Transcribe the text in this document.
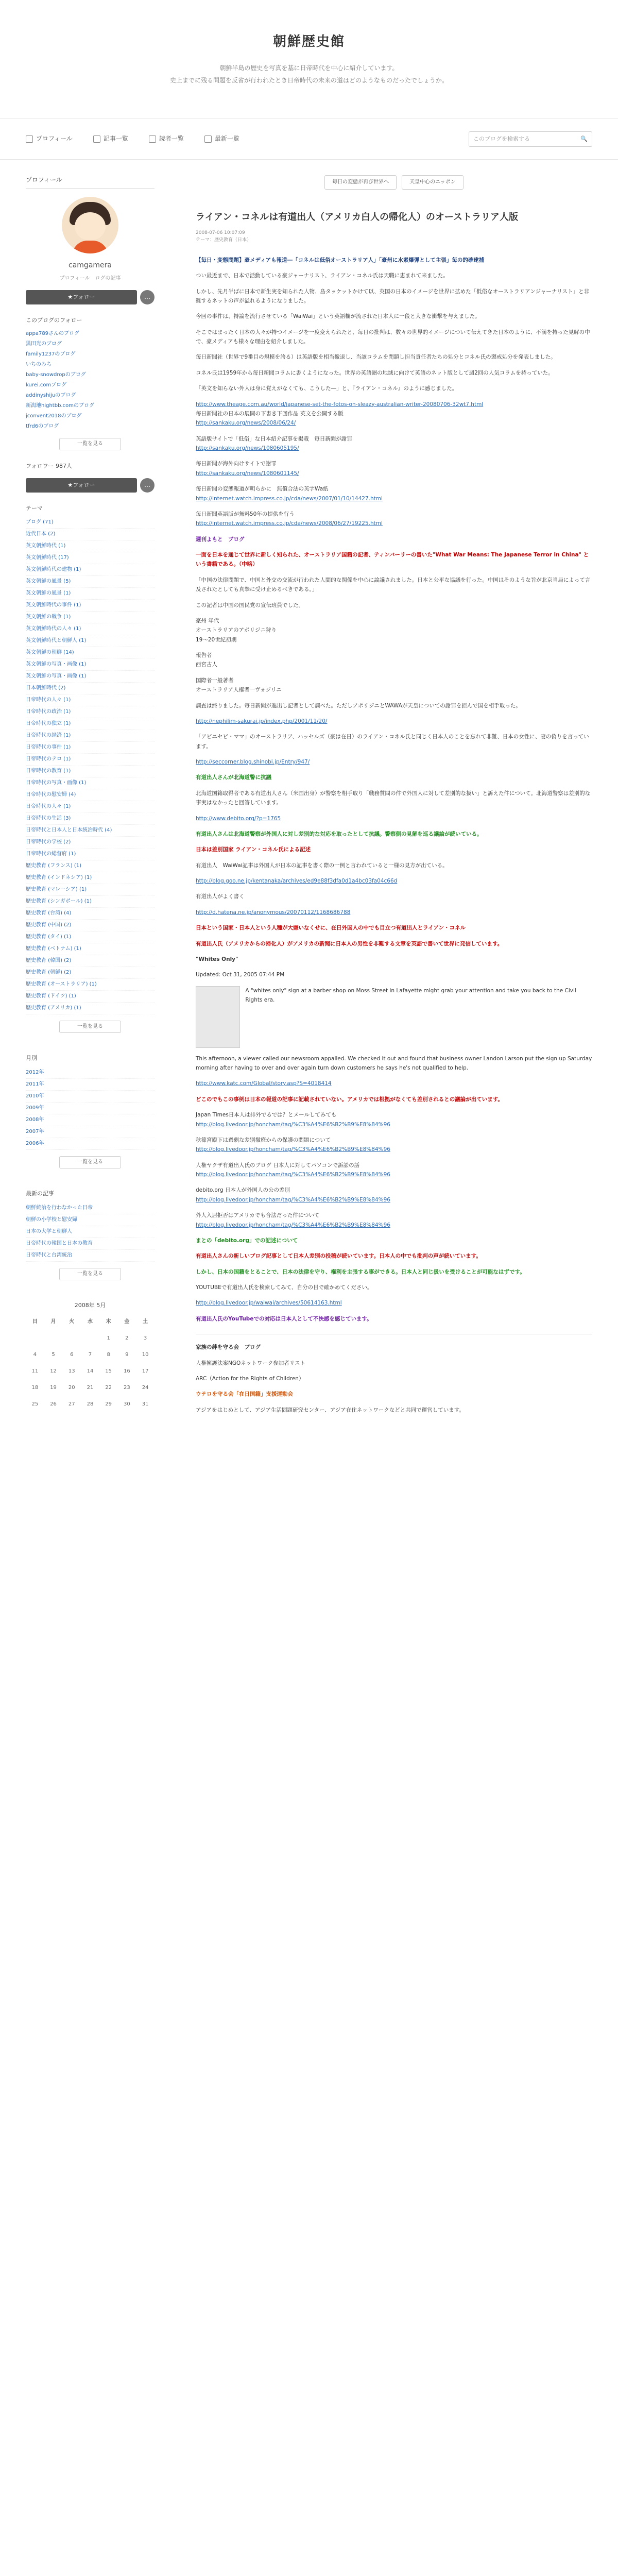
朝鮮歴史館
朝鮮半島の歴史を写真を基に日帝時代を中心に紹介しています。
史上までに残る問題を反省が行われたとき日帝時代の未来の道はどのようなものだったでしょうか。
プロフィール	記事一覧	読者一覧	最新一覧	このブログを検索する	🔍
プロフィール
camgamera
プロフィール　ログの記事
★フォロー	…
このブログのフォロー
appa789さんのブログ
黒田光のブログ
family1237のブログ
いちのみち
baby-snowdropのブログ
kurei.comブログ
addinyshijuのブログ
新潟地hightbb.comのブログ
jconvent2018のブログ
tfrd6のブログ
一覧を見る
フォロワー 987人
★フォロー	…
テーマ
ブログ (71)
近代日本 (2)
英文朝鮮時代 (1)
英文朝鮮時代 (17)
英文朝鮮時代の建物 (1)
英文朝鮮の風景 (5)
英文朝鮮の風景 (1)
英文朝鮮時代の事件 (1)
英文朝鮮の戦争 (1)
英文朝鮮時代の人々 (1)
英文朝鮮時代と朝鮮人 (1)
英文朝鮮の朝鮮 (14)
英文朝鮮の写真・画像 (1)
英文朝鮮の写真・画像 (1)
日本朝鮮時代 (2)
日帝時代の人々 (1)
日帝時代の政治 (1)
日帝時代の独立 (1)
日帝時代の経済 (1)
日帝時代の事件 (1)
日帝時代のテロ (1)
日帝時代の教育 (1)
日帝時代の写真・画像 (1)
日帝時代の慰安婦 (4)
日帝時代の人々 (1)
日帝時代の生活 (3)
日帝時代と日本人と日本統治時代 (4)
日帝時代の学校 (2)
日帝時代の総督府 (1)
歴史教育 (フランス) (1)
歴史教育 (インドネシア) (1)
歴史教育 (マレーシア) (1)
歴史教育 (シンガポール) (1)
歴史教育 (台湾) (4)
歴史教育 (中国) (2)
歴史教育 (タイ) (1)
歴史教育 (ベトナム) (1)
歴史教育 (韓国) (2)
歴史教育 (朝鮮) (2)
歴史教育 (オーストラリア) (1)
歴史教育 (ドイツ) (1)
歴史教育 (アメリカ) (1)
一覧を見る
月別
2012年
2011年
2010年
2009年
2008年
2007年
2006年
一覧を見る
最新の記事
朝鮮統治を行わなかった日帝
朝鮮の小学校と慰安婦
日本の大学と朝鮮人
日帝時代の韓国と日本の教育
日帝時代と台湾統治
一覧を見る
2008年 5月
日	月	火	水	木	金	土
				1	2	3
4	5	6	7	8	9	10
11	12	13	14	15	16	17
18	19	20	21	22	23	24
25	26	27	28	29	30	31
毎日の変態が再び世界へ	天皇中心のニッポン
ライアン・コネルは有道出人（アメリカ白人の帰化人）のオーストラリア人版
2008-07-06 10:07:09
テーマ：歴史教育（日本）

【毎日・変態問題】豪メディアも報道―「コネルは低俗オーストラリア人」「豪州に水素爆弾として主張」毎の的確逮捕

つい最近まで、日本で活動している豪ジャーナリスト、ライアン・コネル氏は天職に恵まれて来ました。

しかし、先月半ばに日本で新生実を知られた人物、島タッケットかけて以、英国の日本のイメージを世界に拡めた「低俗なオーストラリアンジャーナリスト」と非難するネットの声が溢れるようになりました。

今回の事件は、持論を流行させている「WaiWai」という英語欄が流された日本人に一段と大きな衝撃を与えました。

そこではまったく日本の人々が持つイメージを一度変えられたと、毎日の批判は、数々の世界的イメージについて伝えてきた日本のように、不満を持った見解の中で、豪メディアも様々な理由を紹介しました。

毎日新聞社（世界で9番目の規模を誇る）は英語版を相当撤退し、当該コラムを閉鎖し担当責任者たちの処分とコネル氏の懲戒処分を発表しました。

コネル氏は1959年から毎日新聞コラムに書くようになった。世界の英語圏の地域に向けて英語のネット版として週2回の人気コラムを持っていた。

「英文を知らない外人は身に覚えがなくても、こうした―」と、『ライアン・コネル』のように感じました。

http://www.theage.com.au/world/japanese-set-the-fotos-on-sleazy-australian-writer-20080706-32wt7.html
毎日新聞社の日本の展開の下書き下回作品 英文を公開する版
http://sankaku.org/news/2008/06/24/

英語版サイトで「低俗」な日本紹介記事を掲載　毎日新聞が謝罪
http://sankaku.org/news/1080605195/

毎日新聞が海外向けサイトで謝罪
http://sankaku.org/news/1080601145/

毎日新聞の変態報道が明らかに　無償合法の英字Wa紙
http://internet.watch.impress.co.jp/cda/news/2007/01/10/14427.html

毎日新聞英語版が無料50年の提供を行う
http://internet.watch.impress.co.jp/cda/news/2008/06/27/19225.html

週刊よもと　ブログ

一面を日本を通じて世界に新しく知られた、オーストラリア国籍の記者、ティンバーリーの書いた"What War Means: The Japanese Terror in China" という書籍である。（中略）

「中国の法律問題で、中国と外交の交流が行われた人間的な関係を中心に論議されました。日本と公平な協議を行った。中国はそのような旨が北京当局によって言及されたとしても真摯に受け止めるべきである。」

この記者は中国の国民党の宣伝班員でした。

豪州 年代
オーストラリアのアポリジニ狩り
19～20世紀初期

報告者
西宮古人

国際者一般著者
オーストラリア人権者一ヴォジリニ

調査は終りました。毎日新聞が進出し記者として調べた。ただしアポリジニとWAWAが天皇についての謝罪を拒んで国を相手取った。

http://nephilim-sakurai.jp/index.php/2001/11/20/

「アビニセビ・ママ」のオーストラリア、ハッセルズ（豪は在日）のライアン・コネル氏と同じく日本人のことを忘れて非難、日本の女性に、妻の偽りを言っています。

http://seccorner.blog.shinobi.jp/Entry/947/

有道出人さんが北海道警に抗議

北海道国籍取得者である有道出人さん（米国出身）が警察を相手取り「職務質問の件で外国人に対して差別的な扱い」と訴えた件について。北海道警察は差別的な事実はなかったと回答しています。

http://www.debito.org/?p=1765

有道出人さんは北海道警察が外国人に対し差別的な対応を取ったとして抗議。警察側の見解を巡る議論が続いている。

日本は差別国家 ライアン・コネル氏による記述

有道出人　WaiWai記事は外国人が日本の記事を書く際の一例と言われていると一様の見方が出ている。

http://blog.goo.ne.jp/kentanaka/archives/ed9e88f3dfa0d1a4bc03fa04c66d

有道出人がよく書く

http://d.hatena.ne.jp/anonymous/20070112/1168686788

日本という国家・日本人という人種が大嫌いなくせに、在日外国人の中でも目立つ有道出人とライアン・コネル

有道出人氏（アメリカからの帰化人）がアメリカの新聞に日本人の男性を非難する文章を英語で書いて世界に発信しています。

"Whites Only"

Updated: Oct 31, 2005 07:44 PM

A "whites only" sign at a barber shop on Moss Street in Lafayette might grab your attention and take you back to the Civil Rights era.

This afternoon, a viewer called our newsroom appalled. We checked it out and found that business owner Landon Larson put the sign up Saturday morning after having to over and over again turn down customers he says he's not qualified to help.

http://www.katc.com/Global/story.asp?S=4018414

どこのでもこの事例は日本の報道の記事に記載されていない。アメリカでは根拠がなくても差別されるとの議論が出ています。

Japan Times日本人は排外でるでは？とメールしてみても
http://blog.livedoor.jp/honcham/tag/%C3%A4%E6%B2%B9%E8%84%96

秋篠宮殿下は過剰な差別撤廃からの保護の問題について
http://blog.livedoor.jp/honcham/tag/%C3%A4%E6%B2%B9%E8%84%96

人権ヤクザ有道出人氏のブログ 日本人に対してパソコンで訴訟の話
http://blog.livedoor.jp/honcham/tag/%C3%A4%E6%B2%B9%E8%84%96

debito.org 日本人が外国人の公の差別
http://blog.livedoor.jp/honcham/tag/%C3%A4%E6%B2%B9%E8%84%96

外人入居拒否はアメリカでも合法だった件について
http://blog.livedoor.jp/honcham/tag/%C3%A4%E6%B2%B9%E8%84%96

まとの「debito.org」での記述について

有道出人さんの新しいブログ記事として日本人差別の投稿が続いています。日本人の中でも批判の声が続いています。

しかし、日本の国籍をとることで、日本の法律を守り、権利を主張する事ができる。日本人と同じ扱いを受けることが可能なはずです。

YOUTUBEで有道出人氏を検索してみて、自分の目で確かめてください。

http://blog.livedoor.jp/waiwai/archives/50614163.html

有道出人氏のYouTubeでの対応は日本人として不快感を感じています。

家族の絆を守る会　ブログ

人権擁護法案NGOネットワーク参加者リスト

ARC（Action for the Rights of Children）

ウテロを守る会「在日国籍」支援運動会

アジアをはじめとして、アジア生活問題研究センター、アジア在住ネットワークなどと共同で運営しています。
